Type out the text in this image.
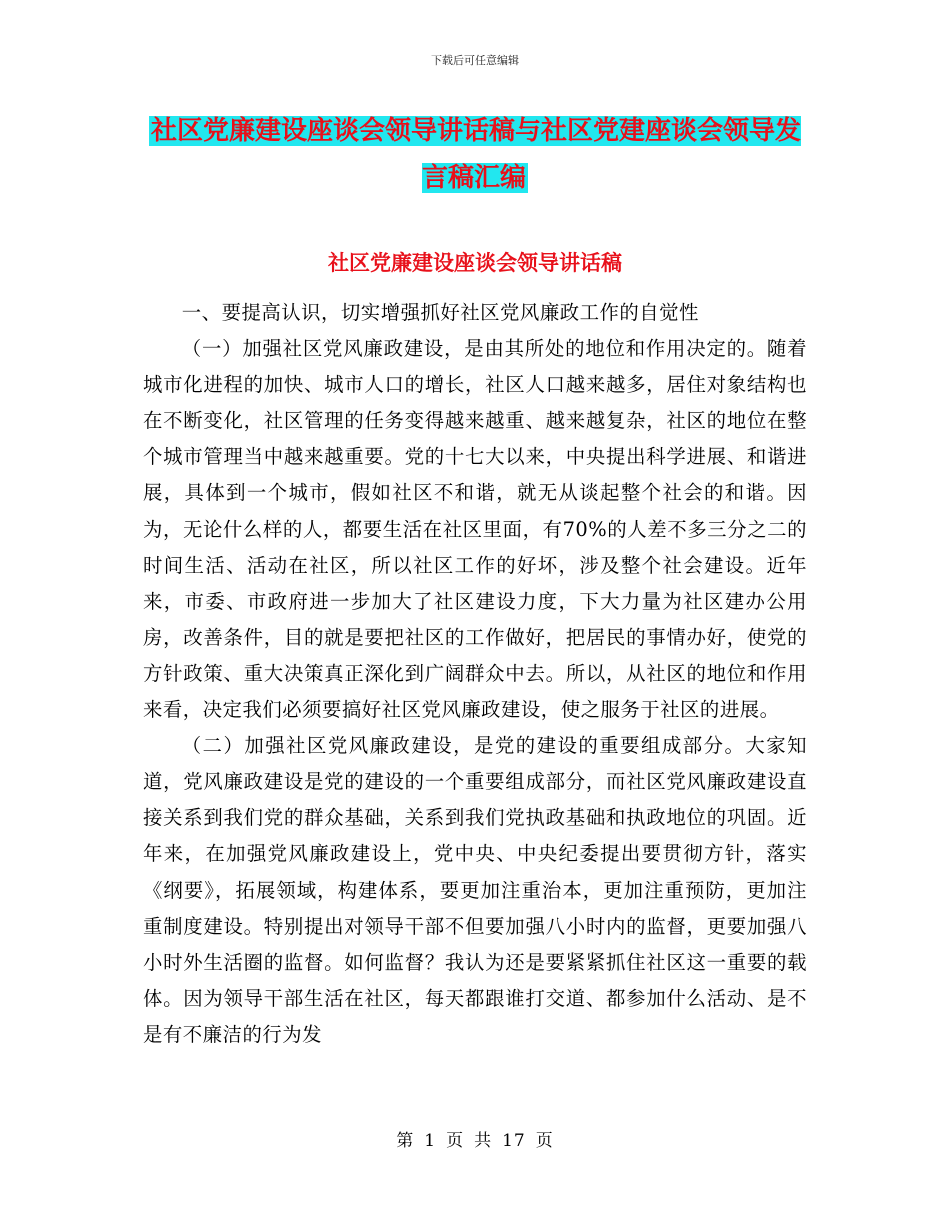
下载后可任意编辑
社区党廉建设座谈会领导讲话稿与社区党建座谈会领导发言稿汇编
社区党廉建设座谈会领导讲话稿

一、要提高认识，切实增强抓好社区党风廉政工作的自觉性

（一）加强社区党风廉政建设，是由其所处的地位和作用决定的。随着城市化进程的加快、城市人口的增长，社区人口越来越多，居住对象结构也在不断变化，社区管理的任务变得越来越重、越来越复杂，社区的地位在整个城市管理当中越来越重要。党的十七大以来，中央提出科学进展、和谐进展，具体到一个城市，假如社区不和谐，就无从谈起整个社会的和谐。因为，无论什么样的人，都要生活在社区里面，有70%的人差不多三分之二的时间生活、活动在社区，所以社区工作的好坏，涉及整个社会建设。近年来，市委、市政府进一步加大了社区建设力度，下大力量为社区建办公用房，改善条件，目的就是要把社区的工作做好，把居民的事情办好，使党的方针政策、重大决策真正深化到广阔群众中去。所以，从社区的地位和作用来看，决定我们必须要搞好社区党风廉政建设，使之服务于社区的进展。

（二）加强社区党风廉政建设，是党的建设的重要组成部分。大家知道，党风廉政建设是党的建设的一个重要组成部分，而社区党风廉政建设直接关系到我们党的群众基础，关系到我们党执政基础和执政地位的巩固。近年来，在加强党风廉政建设上，党中央、中央纪委提出要贯彻方针，落实《纲要》，拓展领域，构建体系，要更加注重治本，更加注重预防，更加注重制度建设。特别提出对领导干部不但要加强八小时内的监督，更要加强八小时外生活圈的监督。如何监督？我认为还是要紧紧抓住社区这一重要的载体。因为领导干部生活在社区，每天都跟谁打交道、都参加什么活动、是不是有不廉洁的行为发

第 1 页 共 17 页
